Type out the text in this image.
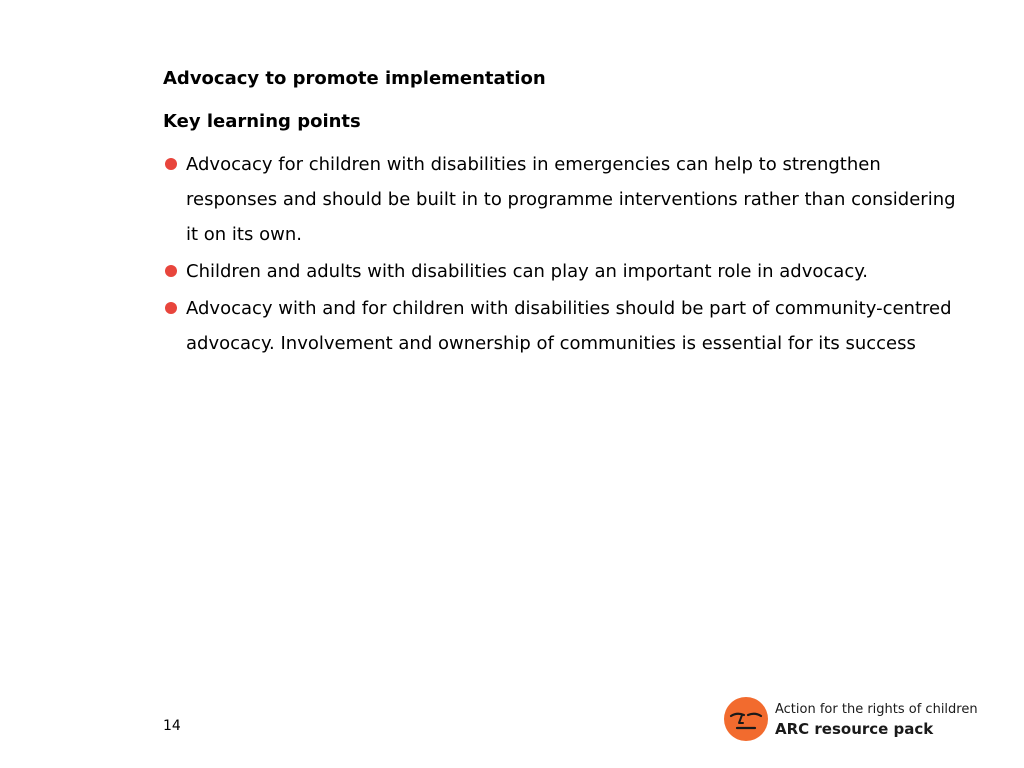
Advocacy to promote implementation
Key learning points
Advocacy for children with disabilities in emergencies can help to strengthen responses and should be built in to programme interventions rather than considering it on its own.
Children and adults with disabilities can play an important role in advocacy.
Advocacy with and for children with disabilities should be part of community-centred advocacy. Involvement and ownership of communities is essential for its success
14
Action for the rights of children
ARC resource pack
